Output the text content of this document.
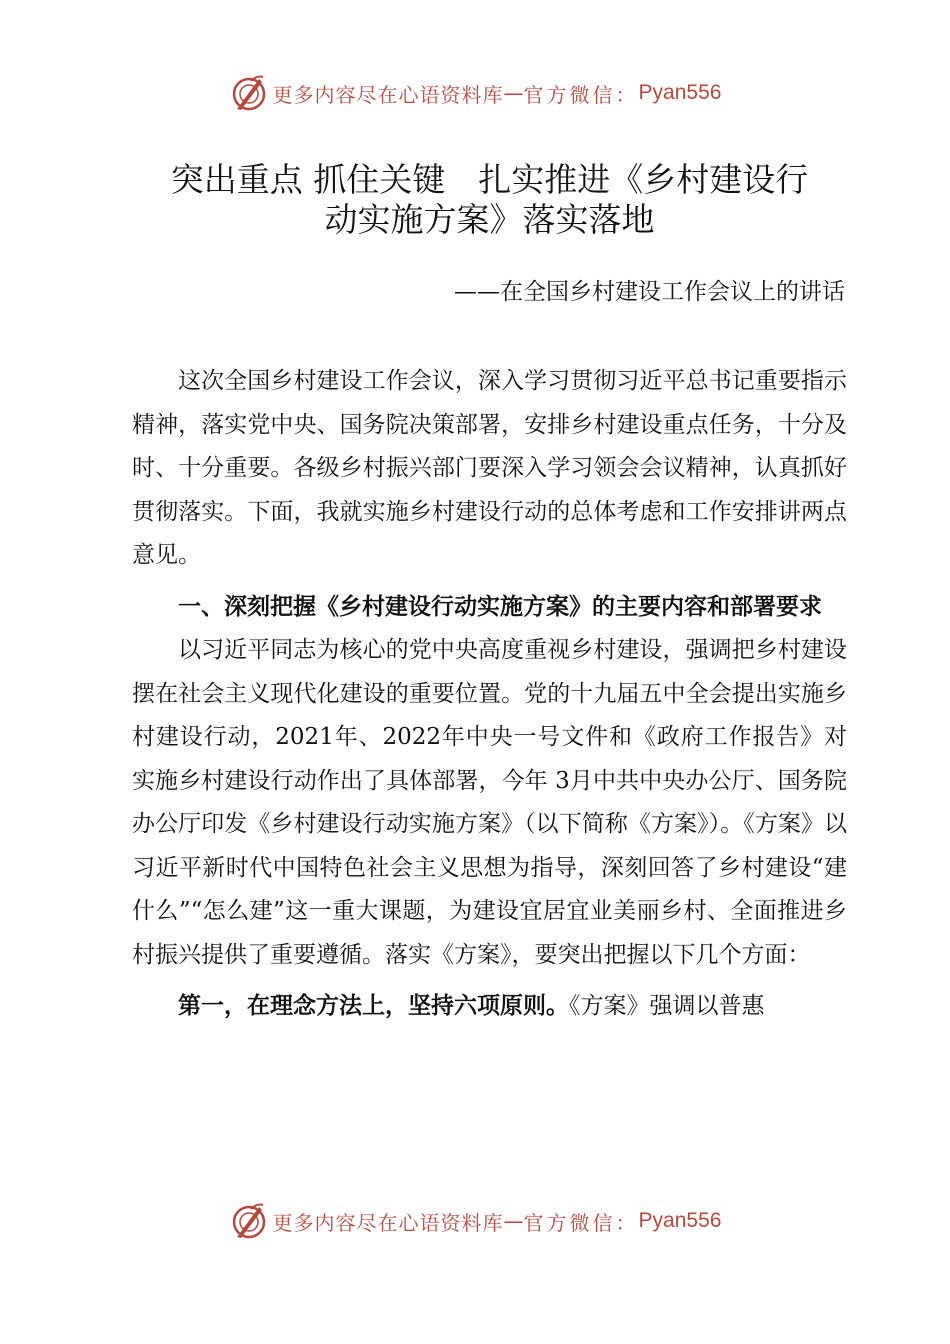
更多内容尽在心语资料库 — 官方微信： Pyan556
突出重点 抓住关键　扎实推进《乡村建设行
动实施方案》落实落地

——在全国乡村建设工作会议上的讲话

这次全国乡村建设工作会议，深入学习贯彻习近平总书记重要指示精神，落实党中央、国务院决策部署，安排乡村建设重点任务，十分及时、十分重要。各级乡村振兴部门要深入学习领会会议精神，认真抓好贯彻落实。下面，我就实施乡村建设行动的总体考虑和工作安排讲两点意见。

一、深刻把握《乡村建设行动实施方案》的主要内容和部署要求

以习近平同志为核心的党中央高度重视乡村建设，强调把乡村建设摆在社会主义现代化建设的重要位置。党的十九届五中全会提出实施乡村建设行动，2021年、2022年中央一号文件和《政府工作报告》对实施乡村建设行动作出了具体部署，今年 3月中共中央办公厅、国务院办公厅印发《乡村建设行动实施方案》（以下简称《方案》）。《方案》以习近平新时代中国特色社会主义思想为指导，深刻回答了乡村建设“建什么”“怎么建”这一重大课题，为建设宜居宜业美丽乡村、全面推进乡村振兴提供了重要遵循。落实《方案》，要突出把握以下几个方面：

第一，在理念方法上，坚持六项原则。《方案》强调以普惠

更多内容尽在心语资料库 — 官方微信： Pyan556
